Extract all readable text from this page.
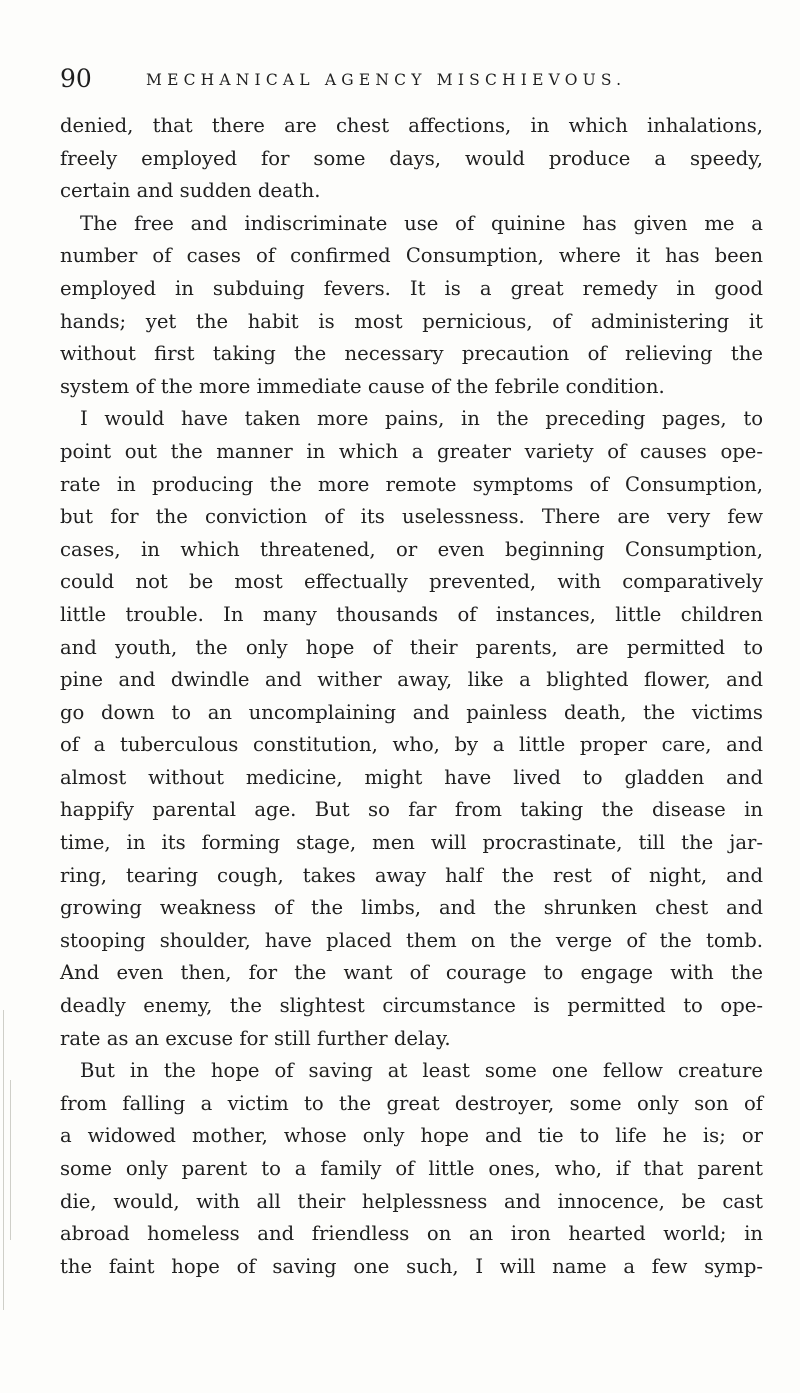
90	MECHANICAL AGENCY MISCHIEVOUS.
denied, that there are chest affections, in which inhalations,
freely employed for some days, would produce a speedy,
certain and sudden death.
The free and indiscriminate use of quinine has given me a
number of cases of confirmed Consumption, where it has been
employed in subduing fevers. It is a great remedy in good
hands; yet the habit is most pernicious, of administering it
without first taking the necessary precaution of relieving the
system of the more immediate cause of the febrile condition.
I would have taken more pains, in the preceding pages, to
point out the manner in which a greater variety of causes ope-
rate in producing the more remote symptoms of Consumption,
but for the conviction of its uselessness. There are very few
cases, in which threatened, or even beginning Consumption,
could not be most effectually prevented, with comparatively
little trouble. In many thousands of instances, little children
and youth, the only hope of their parents, are permitted to
pine and dwindle and wither away, like a blighted flower, and
go down to an uncomplaining and painless death, the victims
of a tuberculous constitution, who, by a little proper care, and
almost without medicine, might have lived to gladden and
happify parental age. But so far from taking the disease in
time, in its forming stage, men will procrastinate, till the jar-
ring, tearing cough, takes away half the rest of night, and
growing weakness of the limbs, and the shrunken chest and
stooping shoulder, have placed them on the verge of the tomb.
And even then, for the want of courage to engage with the
deadly enemy, the slightest circumstance is permitted to ope-
rate as an excuse for still further delay.
But in the hope of saving at least some one fellow creature
from falling a victim to the great destroyer, some only son of
a widowed mother, whose only hope and tie to life he is; or
some only parent to a family of little ones, who, if that parent
die, would, with all their helplessness and innocence, be cast
abroad homeless and friendless on an iron hearted world; in
the faint hope of saving one such, I will name a few symp-
